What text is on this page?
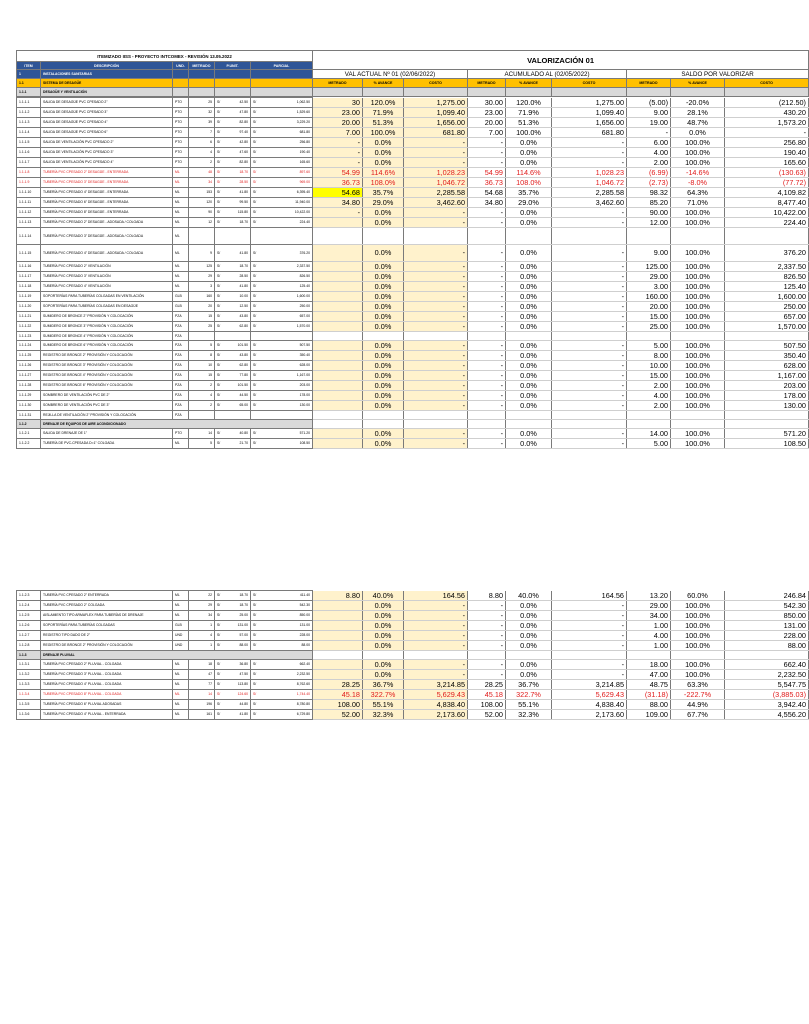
ITEMIZADO IISS - PROYECTO INTCOMEX - REVISIÓN 13.05.2022						VALORIZACIÓN 01								
ITEM	DESCRIPCIÓN	UND.	METRADO	P.UNIT.	PARCIAL									
1	INSTALACIONES SANITARIAS					VAL ACTUAL Nº 01 (02/06/2022)			ACUMULADO AL (02/05/2022)			SALDO POR VALORIZAR		
1.1	SISTEMA DE DESAGÜE					METRADO	% AVANCE	COSTO	METRADO	% AVANCE	COSTO	METRADO	% AVANCE	COSTO
1.1.1	DESAGÜE Y VENTILACIÓN													
1.1.1.1	SALIDA DE DESAGÜE PVC CPESADO 2"	PTO	25	S/ 42.50	S/ 1,062.50	30	120.0%	1,275.00	30.00	120.0%	1,275.00	(5.00)	-20.0%	(212.50)
1.1.1.2	SALIDA DE DESAGÜE PVC CPESADO 3"	PTO	32	S/ 47.80	S/ 1,529.60	23.00	71.9%	1,099.40	23.00	71.9%	1,099.40	9.00	28.1%	430.20
1.1.1.3	SALIDA DE DESAGÜE PVC CPESADO 4"	PTO	39	S/ 82.80	S/ 3,229.20	20.00	51.3%	1,656.00	20.00	51.3%	1,656.00	19.00	48.7%	1,573.20
1.1.1.4	SALIDA DE DESAGÜE PVC CPESADO 6"	PTO	7	S/ 97.40	S/ 681.80	7.00	100.0%	681.80	7.00	100.0%	681.80	-	0.0%	-
1.1.1.5	SALIDA DE VENTILACIÓN PVC CPESADO 2"	PTO	6	S/ 42.80	S/ 256.80	-	0.0%	-	-	0.0%	-	6.00	100.0%	256.80
1.1.1.6	SALIDA DE VENTILACIÓN PVC CPESADO 3"	PTO	4	S/ 47.60	S/ 190.40	-	0.0%	-	-	0.0%	-	4.00	100.0%	190.40
1.1.1.7	SALIDA DE VENTILACIÓN PVC CPESADO 4"	PTO	2	S/ 82.80	S/ 165.60	-	0.0%	-	-	0.0%	-	2.00	100.0%	165.60
1.1.1.8	TUBERÍA PVC CPESADO 2" DESAGÜE - ENTERRADA	ML	48	S/ 18.70	S/ 897.60	54.99	114.6%	1,028.23	54.99	114.6%	1,028.23	(6.99)	-14.6%	(130.63)
1.1.1.9	TUBERÍA PVC CPESADO 3" DESAGÜE - ENTERRADA	ML	34	S/ 28.50	S/ 969.00	36.73	108.0%	1,046.72	36.73	108.0%	1,046.72	(2.73)	-8.0%	(77.72)
1.1.1.10	TUBERÍA PVC CPESADO 4" DESAGÜE - ENTERRADA	ML	153	S/ 41.80	S/ 6,395.40	54.68	35.7%	2,285.58	54.68	35.7%	2,285.58	98.32	64.3%	4,109.82
1.1.1.11	TUBERÍA PVC CPESADO 6" DESAGÜE - ENTERRADA	ML	120	S/ 99.50	S/ 11,940.00	34.80	29.0%	3,462.60	34.80	29.0%	3,462.60	85.20	71.0%	8,477.40
1.1.1.12	TUBERÍA PVC CPESADO 8" DESAGÜE - ENTERRADA	ML	90	S/ 115.80	S/ 10,422.00	-	0.0%	-	-	0.0%	-	90.00	100.0%	10,422.00
1.1.1.13	TUBERÍA PVC CPESADO 2" DESAGÜE - ADOSADA / COLGADA	ML	12	S/ 18.70	S/ 224.40		0.0%	-	-	0.0%	-	12.00	100.0%	224.40
1.1.1.14	TUBERÍA PVC CPESADO 3" DESAGÜE - ADOSADA / COLGADA	ML												
1.1.1.15	TUBERÍA PVC CPESADO 4" DESAGÜE - ADOSADA / COLGADA	ML	9	S/ 41.80	S/ 376.20		0.0%	-	-	0.0%	-	9.00	100.0%	376.20
1.1.1.16	TUBERÍA PVC CPESADO 2" VENTILACIÓN	ML	125	S/ 18.70	S/ 2,337.50		0.0%	-	-	0.0%	-	125.00	100.0%	2,337.50
1.1.1.17	TUBERÍA PVC CPESADO 3" VENTILACIÓN	ML	29	S/ 28.50	S/ 826.50		0.0%	-	-	0.0%	-	29.00	100.0%	826.50
1.1.1.18	TUBERÍA PVC CPESADO 4" VENTILACIÓN	ML	3	S/ 41.80	S/ 125.40		0.0%	-	-	0.0%	-	3.00	100.0%	125.40
1.1.1.19	SOPORTERÍAS PARA TUBERÍAS COLGADAS EN VENTILACIÓN	GLB	160	S/ 10.00	S/ 1,600.00		0.0%	-	-	0.0%	-	160.00	100.0%	1,600.00
1.1.1.20	SOPORTERÍAS PARA TUBERÍAS COLGADAS EN DESAGÜE	GLB	20	S/ 12.50	S/ 250.00		0.0%	-	-	0.0%	-	20.00	100.0%	250.00
1.1.1.21	SUMIDERO DE BRONCE 2" PROVISIÓN Y COLOCACIÓN	PZA	15	S/ 43.80	S/ 657.00		0.0%	-	-	0.0%	-	15.00	100.0%	657.00
1.1.1.22	SUMIDERO DE BRONCE 3" PROVISIÓN Y COLOCACIÓN	PZA	25	S/ 62.80	S/ 1,570.00		0.0%	-	-	0.0%	-	25.00	100.0%	1,570.00
1.1.1.23	SUMIDERO DE BRONCE 4" PROVISIÓN Y COLOCACIÓN	PZA												
1.1.1.24	SUMIDERO DE BRONCE 6" PROVISIÓN Y COLOCACIÓN	PZA	5	S/ 101.50	S/ 507.50		0.0%	-	-	0.0%	-	5.00	100.0%	507.50
1.1.1.25	REGISTRO DE BRONCE 2" PROVISIÓN Y COLOCACIÓN	PZA	8	S/ 43.80	S/ 350.40		0.0%	-	-	0.0%	-	8.00	100.0%	350.40
1.1.1.26	REGISTRO DE BRONCE 3" PROVISIÓN Y COLOCACIÓN	PZA	10	S/ 62.80	S/ 628.00		0.0%	-	-	0.0%	-	10.00	100.0%	628.00
1.1.1.27	REGISTRO DE BRONCE 4" PROVISIÓN Y COLOCACIÓN	PZA	15	S/ 77.80	S/ 1,167.00		0.0%	-	-	0.0%	-	15.00	100.0%	1,167.00
1.1.1.28	REGISTRO DE BRONCE 6" PROVISIÓN Y COLOCACIÓN	PZA	2	S/ 101.50	S/ 203.00		0.0%	-	-	0.0%	-	2.00	100.0%	203.00
1.1.1.29	SOMBRERO DE VENTILACIÓN PVC DE 2"	PZA	4	S/ 44.50	S/ 178.00		0.0%	-	-	0.0%	-	4.00	100.0%	178.00
1.1.1.30	SOMBRERO DE VENTILACIÓN PVC DE 3"	PZA	2	S/ 65.00	S/ 130.00		0.0%	-	-	0.0%	-	2.00	100.0%	130.00
1.1.1.31	REJILLA DE VENTILACIÓN 2" PROVISIÓN Y COLOCACIÓN	PZA												
1.1.2	DRENAJE DE EQUIPOS DE AIRE ACONDICIONADO													
1.1.2.1	SALIDA DE DRENAJE DE 1"	PTO	14	S/ 40.80	S/ 571.20		0.0%	-	-	0.0%	-	14.00	100.0%	571.20
1.1.2.2	TUBERÍA DE PVC-CPESADA D=1" COLGADA	ML	5	S/ 21.70	S/ 108.50		0.0%	-	-	0.0%	-	5.00	100.0%	108.50
1.1.2.3	TUBERÍA PVC CPESADO 2" ENTERRADA	ML	22	S/ 18.70	S/ 411.40	8.80	40.0%	164.56	8.80	40.0%	164.56	13.20	60.0%	246.84
1.1.2.4	TUBERÍA PVC CPESADO 2" COLGADA	ML	29	S/ 18.70	S/ 542.30		0.0%	-	-	0.0%	-	29.00	100.0%	542.30
1.1.2.5	AISLAMIENTO TIPO ARMAFLEX PARA TUBERÍAS DE DRENAJE	ML	34	S/ 25.00	S/ 850.00		0.0%	-	-	0.0%	-	34.00	100.0%	850.00
1.1.2.6	SOPORTERÍAS PARA TUBERÍAS COLGADAS	GLB	1	S/ 131.00	S/ 131.00		0.0%	-	-	0.0%	-	1.00	100.0%	131.00
1.1.2.7	REGISTRO TIPO DADO DE 2"	UND	4	S/ 57.00	S/ 228.00		0.0%	-	-	0.0%	-	4.00	100.0%	228.00
1.1.2.8	REGISTRO DE BRONCE 2" PROVISIÓN Y COLOCACIÓN	UND	1	S/ 88.00	S/ 88.00		0.0%	-	-	0.0%	-	1.00	100.0%	88.00
1.1.3	DRENAJE PLUVIAL													
1.1.3.1	TUBERÍA PVC CPESADO 2" PLUVIAL - COLGADA	ML	18	S/ 36.80	S/ 662.40		0.0%	-	-	0.0%	-	18.00	100.0%	662.40
1.1.3.2	TUBERÍA PVC CPESADO 3" PLUVIAL - COLGADA	ML	47	S/ 47.50	S/ 2,232.50		0.0%	-	-	0.0%	-	47.00	100.0%	2,232.50
1.1.3.3	TUBERÍA PVC CPESADO 4" PLUVIAL - COLGADA	ML	77	S/ 113.80	S/ 8,762.60	28.25	36.7%	3,214.85	28.25	36.7%	3,214.85	48.75	63.3%	5,547.75
1.1.3.4	TUBERÍA PVC CPESADO 8" PLUVIAL - COLGADA	ML	14	S/ 124.60	S/ 1,744.40	45.18	322.7%	5,629.43	45.18	322.7%	5,629.43	(31.18)	-222.7%	(3,885.03)
1.1.3.5	TUBERÍA PVC CPESADO 6" PLUVIAL ADOSADAS	ML	196	S/ 44.80	S/ 8,780.80	108.00	55.1%	4,838.40	108.00	55.1%	4,838.40	88.00	44.9%	3,942.40
1.1.3.6	TUBERÍA PVC CPESADO 4" PLUVIAL - ENTERRADA	ML	161	S/ 41.80	S/ 6,729.80	52.00	32.3%	2,173.60	52.00	32.3%	2,173.60	109.00	67.7%	4,556.20
